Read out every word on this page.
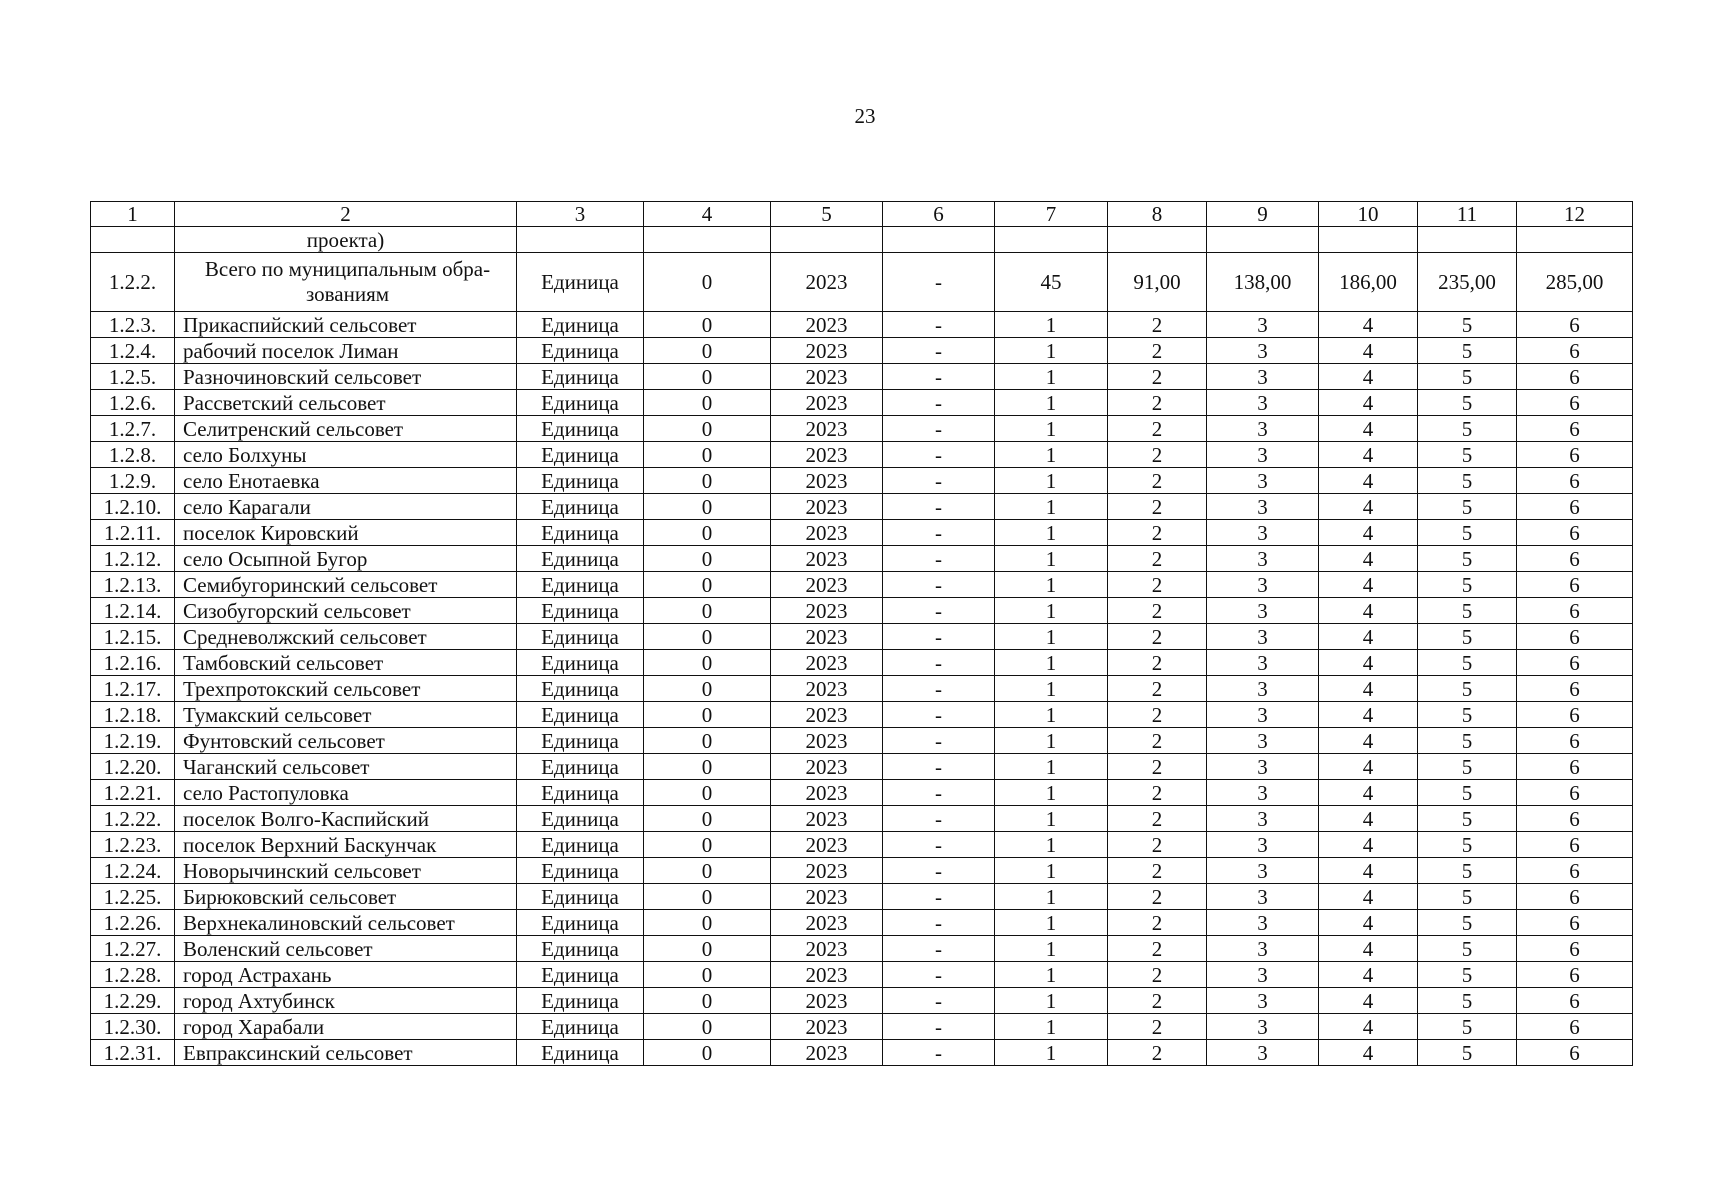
23
1	2	3	4	5	6	7	8	9	10	11	12
	проекта)										
1.2.2.	Всего по муниципальным обра-зованиям	Единица	0	2023	-	45	91,00	138,00	186,00	235,00	285,00
1.2.3.	Прикаспийский сельсовет	Единица	0	2023	-	1	2	3	4	5	6
1.2.4.	рабочий поселок Лиман	Единица	0	2023	-	1	2	3	4	5	6
1.2.5.	Разночиновский сельсовет	Единица	0	2023	-	1	2	3	4	5	6
1.2.6.	Рассветский сельсовет	Единица	0	2023	-	1	2	3	4	5	6
1.2.7.	Селитренский сельсовет	Единица	0	2023	-	1	2	3	4	5	6
1.2.8.	село Болхуны	Единица	0	2023	-	1	2	3	4	5	6
1.2.9.	село Енотаевка	Единица	0	2023	-	1	2	3	4	5	6
1.2.10.	село Карагали	Единица	0	2023	-	1	2	3	4	5	6
1.2.11.	поселок Кировский	Единица	0	2023	-	1	2	3	4	5	6
1.2.12.	село Осыпной Бугор	Единица	0	2023	-	1	2	3	4	5	6
1.2.13.	Семибугоринский сельсовет	Единица	0	2023	-	1	2	3	4	5	6
1.2.14.	Сизобугорский сельсовет	Единица	0	2023	-	1	2	3	4	5	6
1.2.15.	Средневолжский сельсовет	Единица	0	2023	-	1	2	3	4	5	6
1.2.16.	Тамбовский сельсовет	Единица	0	2023	-	1	2	3	4	5	6
1.2.17.	Трехпротокский сельсовет	Единица	0	2023	-	1	2	3	4	5	6
1.2.18.	Тумакский сельсовет	Единица	0	2023	-	1	2	3	4	5	6
1.2.19.	Фунтовский сельсовет	Единица	0	2023	-	1	2	3	4	5	6
1.2.20.	Чаганский сельсовет	Единица	0	2023	-	1	2	3	4	5	6
1.2.21.	село Растопуловка	Единица	0	2023	-	1	2	3	4	5	6
1.2.22.	поселок Волго-Каспийский	Единица	0	2023	-	1	2	3	4	5	6
1.2.23.	поселок Верхний Баскунчак	Единица	0	2023	-	1	2	3	4	5	6
1.2.24.	Новорычинский сельсовет	Единица	0	2023	-	1	2	3	4	5	6
1.2.25.	Бирюковский сельсовет	Единица	0	2023	-	1	2	3	4	5	6
1.2.26.	Верхнекалиновский сельсовет	Единица	0	2023	-	1	2	3	4	5	6
1.2.27.	Воленский сельсовет	Единица	0	2023	-	1	2	3	4	5	6
1.2.28.	город Астрахань	Единица	0	2023	-	1	2	3	4	5	6
1.2.29.	город Ахтубинск	Единица	0	2023	-	1	2	3	4	5	6
1.2.30.	город Харабали	Единица	0	2023	-	1	2	3	4	5	6
1.2.31.	Евпраксинский сельсовет	Единица	0	2023	-	1	2	3	4	5	6
